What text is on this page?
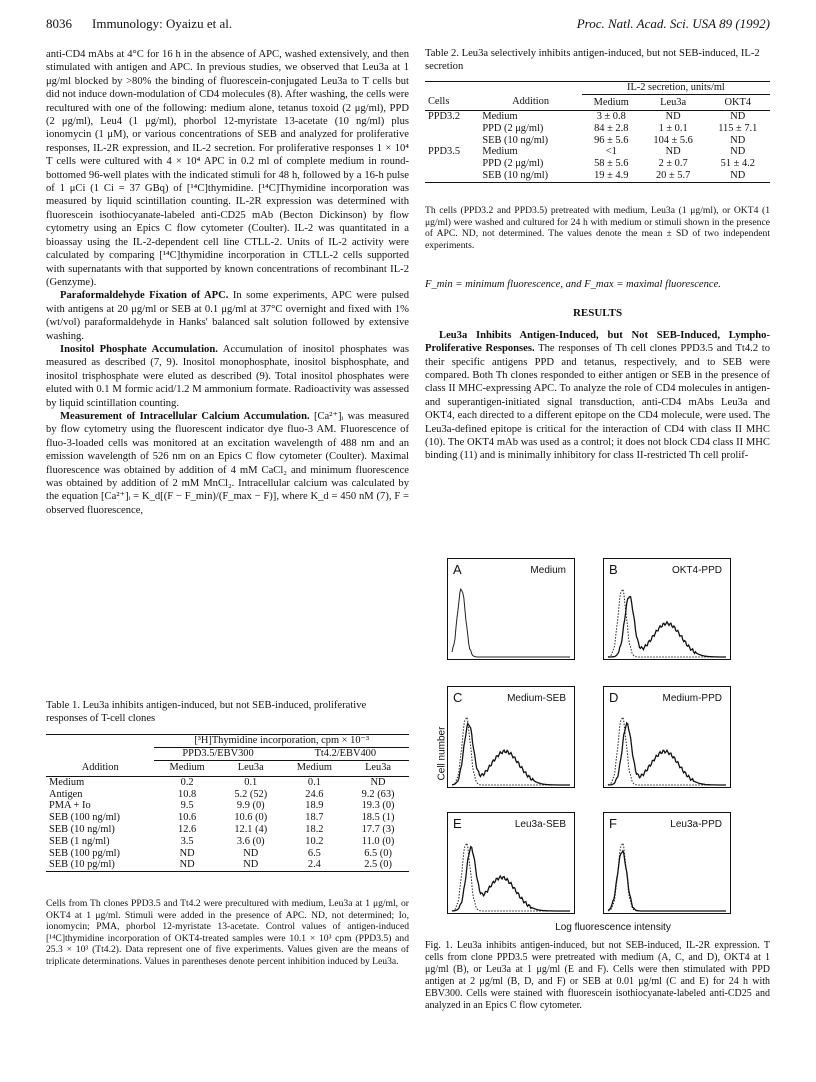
8036 Immunology: Oyaizu et al.	Proc. Natl. Acad. Sci. USA 89 (1992)

anti-CD4 mAbs at 4°C for 16 h in the absence of APC, washed extensively, and then stimulated with antigen and APC. In previous studies, we observed that Leu3a at 1 μg/ml blocked by >80% the binding of fluorescein-conjugated Leu3a to T cells but did not induce down-modulation of CD4 molecules (8). After washing, the cells were recultured with one of the following: medium alone, tetanus toxoid (2 μg/ml), PPD (2 μg/ml), Leu4 (1 μg/ml), phorbol 12-myristate 13-acetate (10 ng/ml) plus ionomycin (1 μM), or various concentrations of SEB and analyzed for proliferative responses, IL-2R expression, and IL-2 secretion. For proliferative responses 1 × 10⁴ T cells were cultured with 4 × 10⁴ APC in 0.2 ml of complete medium in round-bottomed 96-well plates with the indicated stimuli for 48 h, followed by a 16-h pulse of 1 μCi (1 Ci = 37 GBq) of [¹⁴C]thymidine. [¹⁴C]Thymidine incorporation was measured by liquid scintillation counting. IL-2R expression was determined with fluorescein isothiocyanate-labeled anti-CD25 mAb (Becton Dickinson) by flow cytometry using an Epics C flow cytometer (Coulter). IL-2 was quantitated in a bioassay using the IL-2-dependent cell line CTLL-2. Units of IL-2 activity were calculated by comparing [¹⁴C]thymidine incorporation in CTLL-2 cells supported with supernatants with that supported by known concentrations of recombinant IL-2 (Genzyme).

Paraformaldehyde Fixation of APC. In some experiments, APC were pulsed with antigens at 20 μg/ml or SEB at 0.1 μg/ml at 37°C overnight and fixed with 1% (wt/vol) paraformaldehyde in Hanks' balanced salt solution followed by extensive washing.

Inositol Phosphate Accumulation. Accumulation of inositol phosphates was measured as described (7, 9). Inositol monophosphate, inositol bisphosphate, and inositol trisphosphate were eluted as described (9). Total inositol phosphates were eluted with 0.1 M formic acid/1.2 M ammonium formate. Radioactivity was assessed by liquid scintillation counting.

Measurement of Intracellular Calcium Accumulation. [Ca²⁺]ᵢ was measured by flow cytometry using the fluorescent indicator dye fluo-3 AM. Fluorescence of fluo-3-loaded cells was monitored at an excitation wavelength of 488 nm and an emission wavelength of 526 nm on an Epics C flow cytometer (Coulter). Maximal fluorescence was obtained by addition of 4 mM CaCl₂ and minimum fluorescence was obtained by addition of 2 mM MnCl₂. Intracellular calcium was calculated by the equation [Ca²⁺]ᵢ = K_d[(F − F_min)/(F_max − F)], where K_d = 450 nM (7), F = observed fluorescence,

Table 1. Leu3a inhibits antigen-induced, but not SEB-induced, proliferative responses of T-cell clones
	[³H]Thymidine incorporation, cpm × 10⁻³			
	PPD3.5/EBV300		Tt4.2/EBV400	
Addition	Medium	Leu3a	Medium	Leu3a
Medium	0.2	0.1	0.1	ND
Antigen	10.8	5.2 (52)	24.6	9.2 (63)
PMA + Io	9.5	9.9 (0)	18.9	19.3 (0)
SEB (100 ng/ml)	10.6	10.6 (0)	18.7	18.5 (1)
SEB (10 ng/ml)	12.6	12.1 (4)	18.2	17.7 (3)
SEB (1 ng/ml)	3.5	3.6 (0)	10.2	11.0 (0)
SEB (100 pg/ml)	ND	ND	6.5	6.5 (0)
SEB (10 pg/ml)	ND	ND	2.4	2.5 (0)
Cells from Th clones PPD3.5 and Tt4.2 were precultured with medium, Leu3a at 1 μg/ml, or OKT4 at 1 μg/ml. Stimuli were added in the presence of APC. ND, not determined; Io, ionomycin; PMA, phorbol 12-myristate 13-acetate. Control values of antigen-induced [¹⁴C]thymidine incorporation of OKT4-treated samples were 10.1 × 10³ cpm (PPD3.5) and 25.3 × 10³ (Tt4.2). Data represent one of five experiments. Values given are the means of triplicate determinations. Values in parentheses denote percent inhibition induced by Leu3a.
Table 2. Leu3a selectively inhibits antigen-induced, but not SEB-induced, IL-2 secretion
		IL-2 secretion, units/ml		
Cells	Addition	Medium	Leu3a	OKT4
PPD3.2	Medium	3 ± 0.8	ND	ND
	PPD (2 μg/ml)	84 ± 2.8	1 ± 0.1	115 ± 7.1
	SEB (10 ng/ml)	96 ± 5.6	104 ± 5.6	ND
PPD3.5	Medium	<1	ND	ND
	PPD (2 μg/ml)	58 ± 5.6	2 ± 0.7	51 ± 4.2
	SEB (10 ng/ml)	19 ± 4.9	20 ± 5.7	ND
Th cells (PPD3.2 and PPD3.5) pretreated with medium, Leu3a (1 μg/ml), or OKT4 (1 μg/ml) were washed and cultured for 24 h with medium or stimuli shown in the presence of APC. ND, not determined. The values denote the mean ± SD of two independent experiments.

F_min = minimum fluorescence, and F_max = maximal fluorescence.

RESULTS

Leu3a Inhibits Antigen-Induced, but Not SEB-Induced, Lympho-Proliferative Responses. The responses of Th cell clones PPD3.5 and Tt4.2 to their specific antigens PPD and tetanus, respectively, and to SEB were compared. Both Th clones responded to either antigen or SEB in the presence of class II MHC-expressing APC. To analyze the role of CD4 molecules in antigen- and superantigen-initiated signal transduction, anti-CD4 mAbs Leu3a and OKT4, each directed to a different epitope on the CD4 molecule, were used. The Leu3a-defined epitope is critical for the interaction of CD4 with class II MHC (10). The OKT4 mAb was used as a control; it does not block CD4 class II MHC binding (11) and is minimally inhibitory for class II-restricted Th cell prolif-

A	Medium	B	OKT4-PPD
C	Medium-SEB	D	Medium-PPD
E	Leu3a-SEB	F	Leu3a-PPD
Cell number
Log fluorescence intensity
Fig. 1. Leu3a inhibits antigen-induced, but not SEB-induced, IL-2R expression. T cells from clone PPD3.5 were pretreated with medium (A, C, and D), OKT4 at 1 μg/ml (B), or Leu3a at 1 μg/ml (E and F). Cells were then stimulated with PPD antigen at 2 μg/ml (B, D, and F) or SEB at 0.01 μg/ml (C and E) for 24 h with EBV300. Cells were stained with fluorescein isothiocyanate-labeled anti-CD25 and analyzed in an Epics C flow cytometer.
